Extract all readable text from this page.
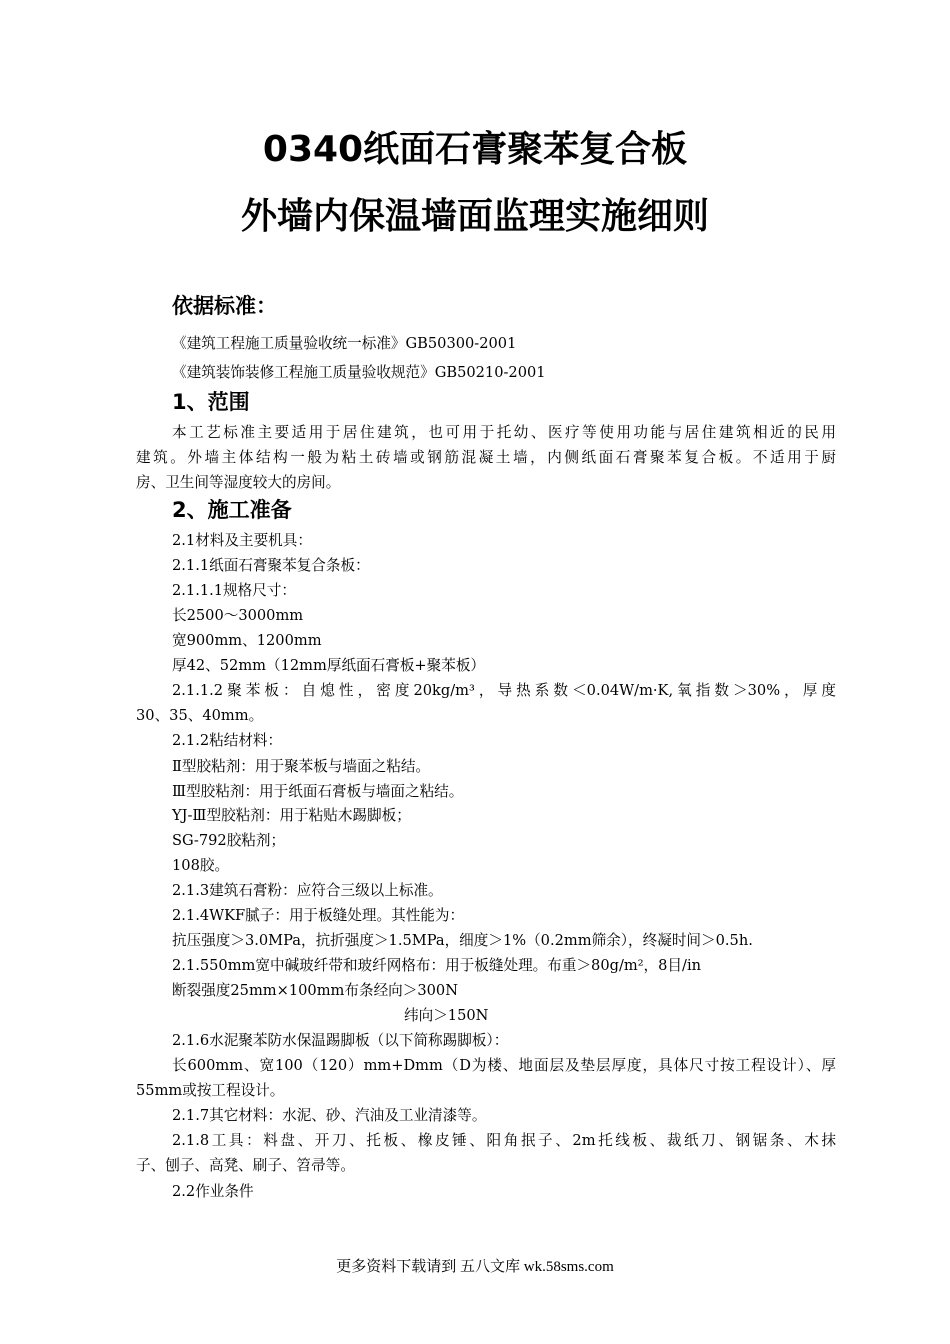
0340纸面石膏聚苯复合板
外墙内保温墙面监理实施细则
依据标准：

《建筑工程施工质量验收统一标准》GB50300-2001

《建筑装饰装修工程施工质量验收规范》GB50210-2001

1、范围

本工艺标准主要适用于居住建筑，也可用于托幼、医疗等使用功能与居住建筑相近的民用

建筑。外墙主体结构一般为粘土砖墙或钢筋混凝土墙，内侧纸面石膏聚苯复合板。不适用于厨

房、卫生间等湿度较大的房间。

2、施工准备

2.1材料及主要机具：

2.1.1纸面石膏聚苯复合条板：

2.1.1.1规格尺寸：

长2500～3000mm

宽900mm、1200mm

厚42、52mm（12mm厚纸面石膏板+聚苯板）

2.1.1.2聚苯板：自熄性，密度20kg/m³，导热系数＜0.04W/m·K,氧指数＞30%，厚度

30、35、40mm。

2.1.2粘结材料：

Ⅱ型胶粘剂：用于聚苯板与墙面之粘结。

Ⅲ型胶粘剂：用于纸面石膏板与墙面之粘结。

YJ-Ⅲ型胶粘剂：用于粘贴木踢脚板；

SG-792胶粘剂；

108胶。

2.1.3建筑石膏粉：应符合三级以上标准。

2.1.4WKF腻子：用于板缝处理。其性能为：

抗压强度＞3.0MPa，抗折强度＞1.5MPa，细度＞1%（0.2mm筛余），终凝时间＞0.5h.

2.1.550mm宽中碱玻纤带和玻纤网格布：用于板缝处理。布重＞80g/m²，8目/in

断裂强度25mm×100mm布条经向＞300N

纬向＞150N

2.1.6水泥聚苯防水保温踢脚板（以下简称踢脚板）：

长600mm、宽100（120）mm+Dmm（D为楼、地面层及垫层厚度，具体尺寸按工程设计）、厚

55mm或按工程设计。

2.1.7其它材料：水泥、砂、汽油及工业清漆等。

2.1.8工具：料盘、开刀、托板、橡皮锤、阳角抿子、2m托线板、裁纸刀、钢锯条、木抹

子、刨子、高凳、刷子、笤帚等。

2.2作业条件

更多资料下载请到 五八文库 wk.58sms.com
